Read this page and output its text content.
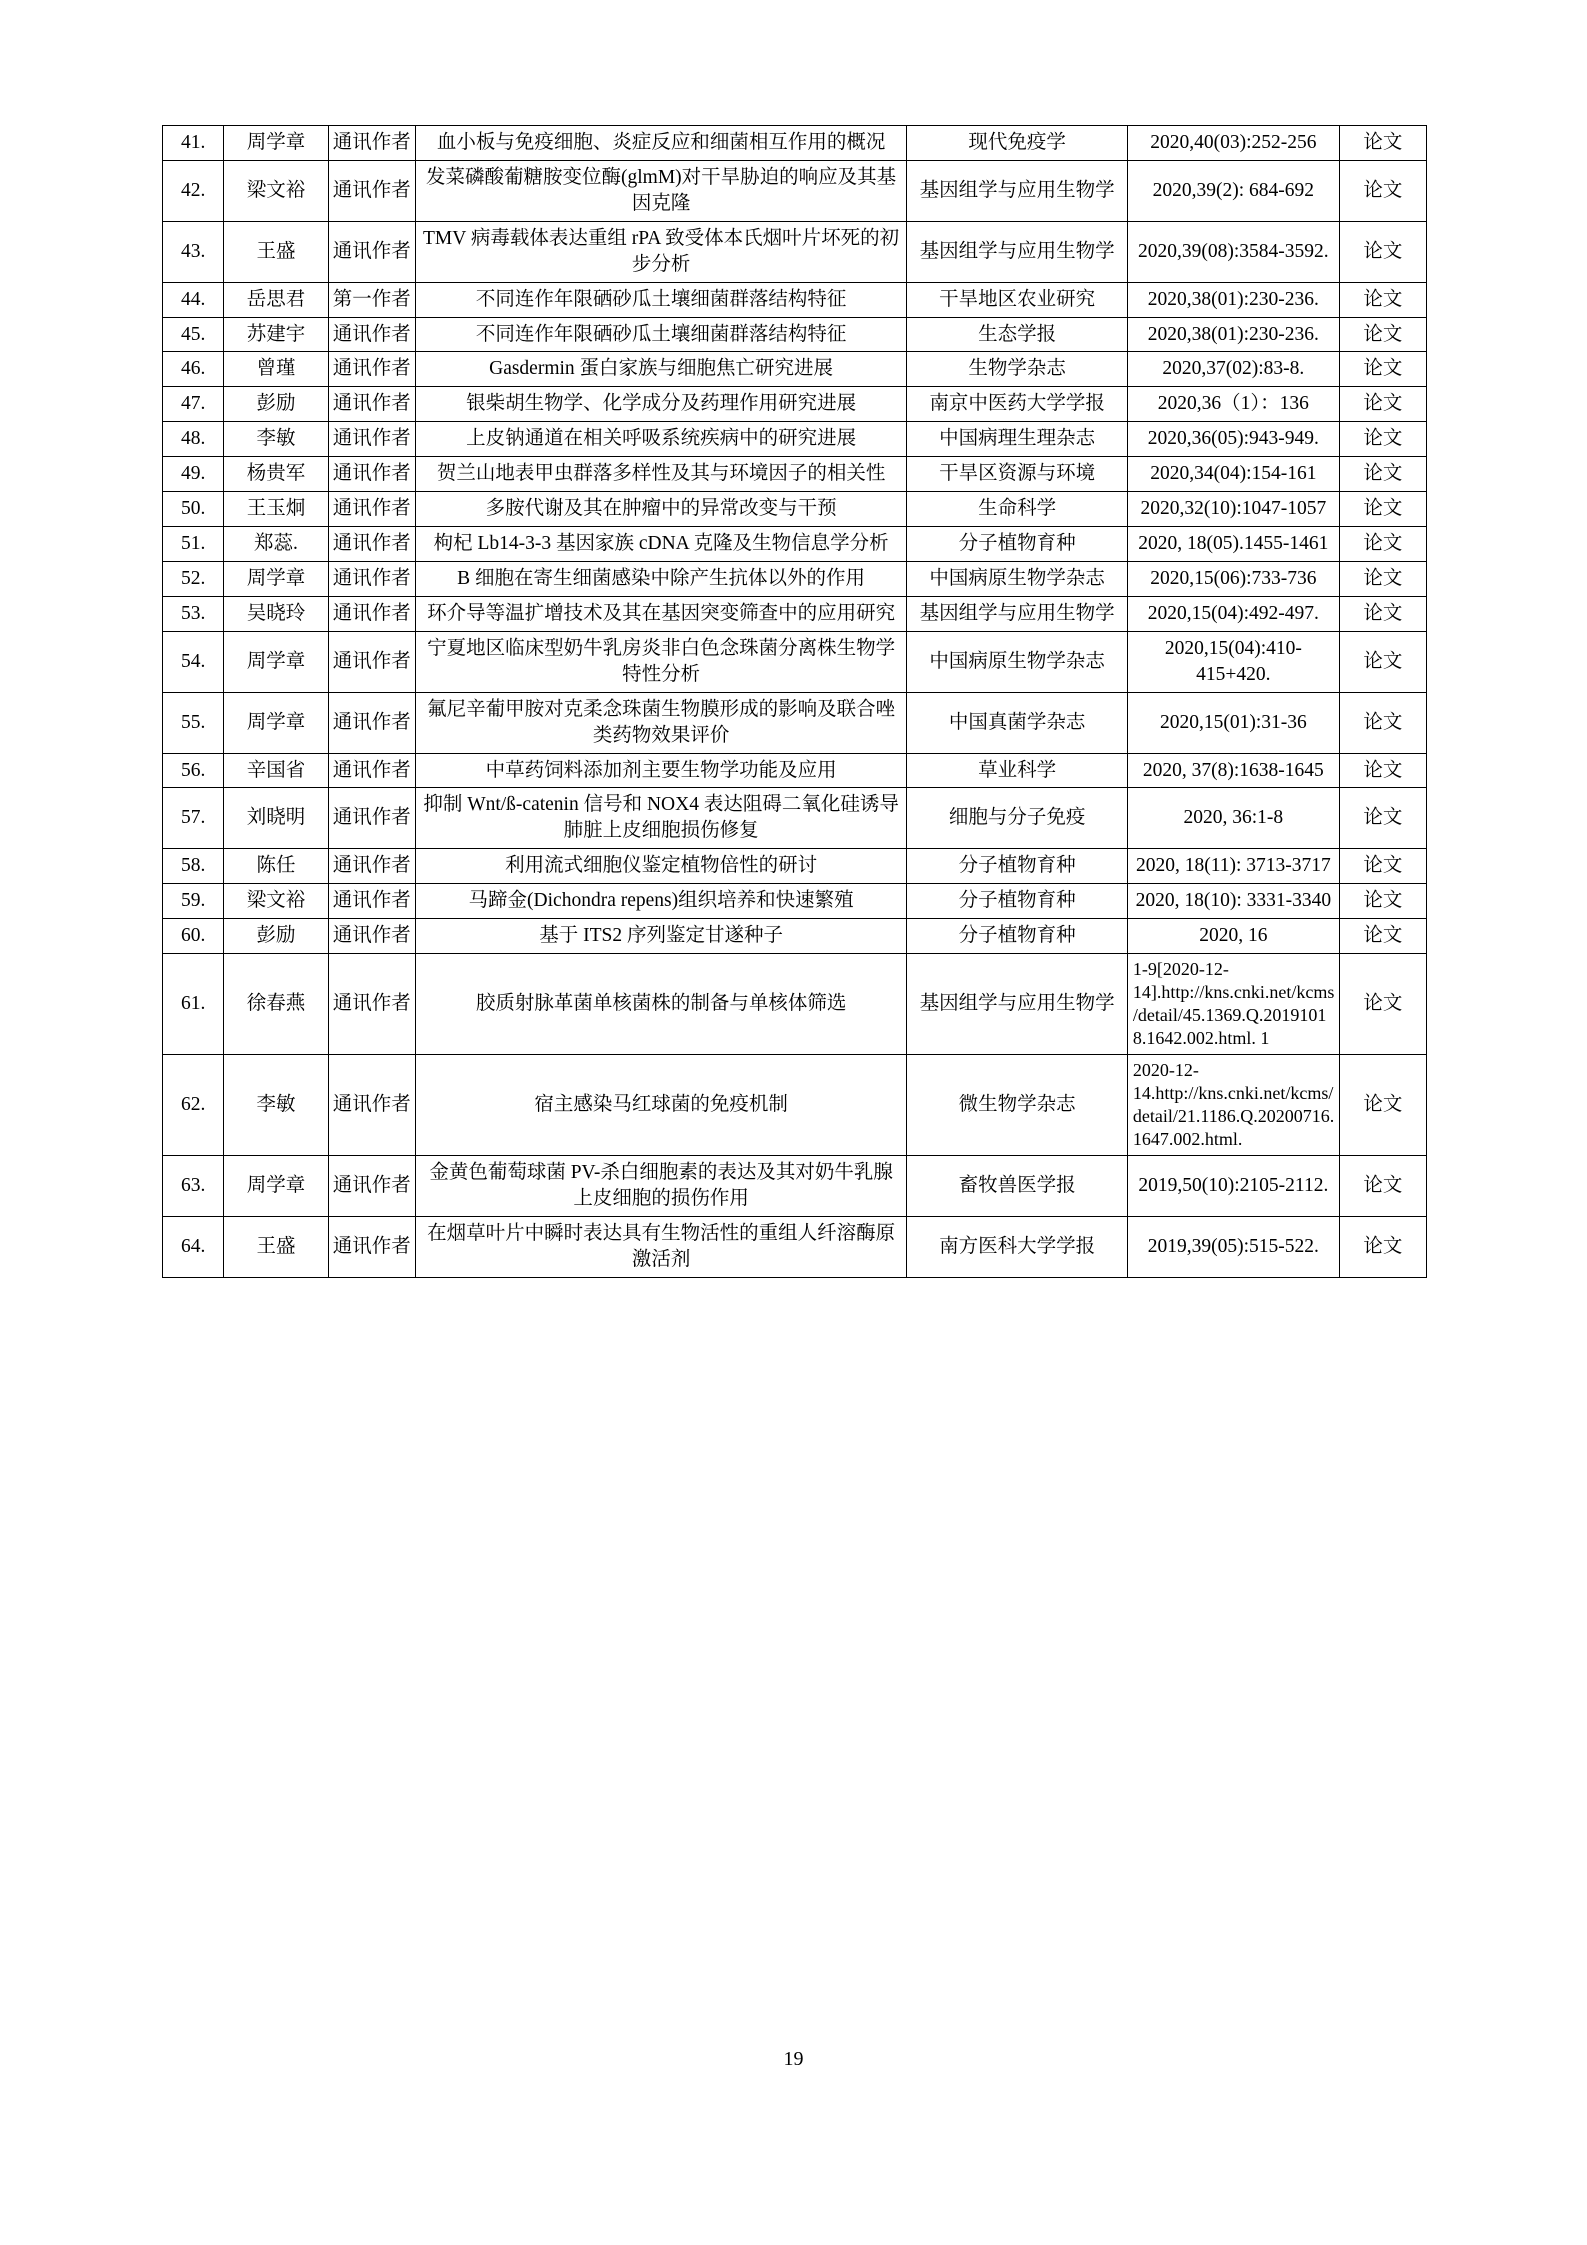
41.	周学章	通讯作者	血小板与免疫细胞、炎症反应和细菌相互作用的概况	现代免疫学	2020,40(03):252-256	论文
42.	梁文裕	通讯作者	发菜磷酸葡糖胺变位酶(glmM)对干旱胁迫的响应及其基因克隆	基因组学与应用生物学	2020,39(2): 684-692	论文
43.	王盛	通讯作者	TMV 病毒载体表达重组 rPA 致受体本氏烟叶片坏死的初步分析	基因组学与应用生物学	2020,39(08):3584-3592.	论文
44.	岳思君	第一作者	不同连作年限硒砂瓜土壤细菌群落结构特征	干旱地区农业研究	2020,38(01):230-236.	论文
45.	苏建宇	通讯作者	不同连作年限硒砂瓜土壤细菌群落结构特征	生态学报	2020,38(01):230-236.	论文
46.	曾瑾	通讯作者	Gasdermin 蛋白家族与细胞焦亡研究进展	生物学杂志	2020,37(02):83-8.	论文
47.	彭励	通讯作者	银柴胡生物学、化学成分及药理作用研究进展	南京中医药大学学报	2020,36（1）：136	论文
48.	李敏	通讯作者	上皮钠通道在相关呼吸系统疾病中的研究进展	中国病理生理杂志	2020,36(05):943-949.	论文
49.	杨贵军	通讯作者	贺兰山地表甲虫群落多样性及其与环境因子的相关性	干旱区资源与环境	2020,34(04):154-161	论文
50.	王玉炯	通讯作者	多胺代谢及其在肿瘤中的异常改变与干预	生命科学	2020,32(10):1047-1057	论文
51.	郑蕊.	通讯作者	枸杞 Lb14-3-3 基因家族 cDNA 克隆及生物信息学分析	分子植物育种	2020, 18(05).1455-1461	论文
52.	周学章	通讯作者	B 细胞在寄生细菌感染中除产生抗体以外的作用	中国病原生物学杂志	2020,15(06):733-736	论文
53.	吴晓玲	通讯作者	环介导等温扩增技术及其在基因突变筛查中的应用研究	基因组学与应用生物学	2020,15(04):492-497.	论文
54.	周学章	通讯作者	宁夏地区临床型奶牛乳房炎非白色念珠菌分离株生物学特性分析	中国病原生物学杂志	2020,15(04):410-415+420.	论文
55.	周学章	通讯作者	氟尼辛葡甲胺对克柔念珠菌生物膜形成的影响及联合唑类药物效果评价	中国真菌学杂志	2020,15(01):31-36	论文
56.	辛国省	通讯作者	中草药饲料添加剂主要生物学功能及应用	草业科学	2020, 37(8):1638-1645	论文
57.	刘晓明	通讯作者	抑制 Wnt/ß-catenin 信号和 NOX4 表达阻碍二氧化硅诱导肺脏上皮细胞损伤修复	细胞与分子免疫	2020, 36:1-8	论文
58.	陈任	通讯作者	利用流式细胞仪鉴定植物倍性的研讨	分子植物育种	2020, 18(11): 3713-3717	论文
59.	梁文裕	通讯作者	马蹄金(Dichondra repens)组织培养和快速繁殖	分子植物育种	2020, 18(10): 3331-3340	论文
60.	彭励	通讯作者	基于 ITS2 序列鉴定甘遂种子	分子植物育种	2020, 16	论文
61.	徐春燕	通讯作者	胶质射脉革菌单核菌株的制备与单核体筛选	基因组学与应用生物学	1-9[2020-12-14].http://kns.cnki.net/kcms/detail/45.1369.Q.20191018.1642.002.html. 1	论文
62.	李敏	通讯作者	宿主感染马红球菌的免疫机制	微生物学杂志	2020-12-14.http://kns.cnki.net/kcms/detail/21.1186.Q.20200716.1647.002.html.	论文
63.	周学章	通讯作者	金黄色葡萄球菌 PV-杀白细胞素的表达及其对奶牛乳腺上皮细胞的损伤作用	畜牧兽医学报	2019,50(10):2105-2112.	论文
64.	王盛	通讯作者	在烟草叶片中瞬时表达具有生物活性的重组人纤溶酶原激活剂	南方医科大学学报	2019,39(05):515-522.	论文
19
